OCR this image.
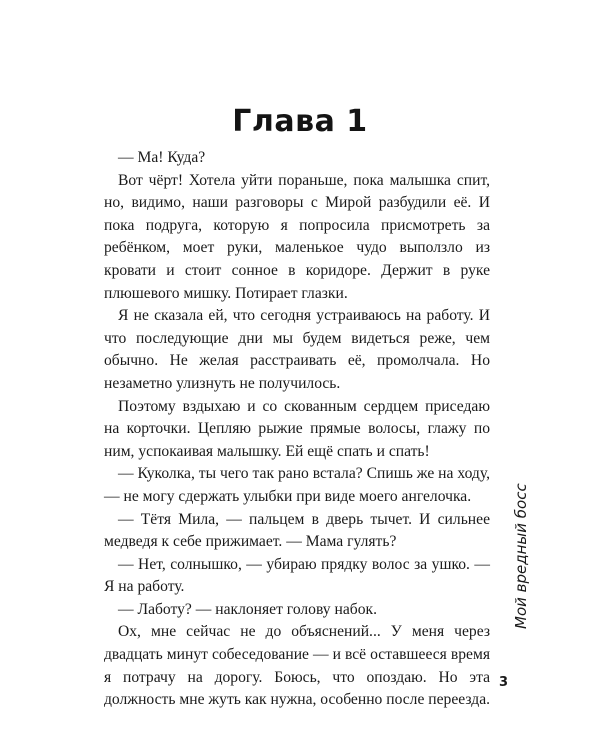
Глава 1

— Ма! Куда?

Вот чёрт! Хотела уйти пораньше, пока малышка спит, но, видимо, наши разговоры с Мирой разбудили её. И пока подруга, которую я попросила присмотреть за ребёнком, моет руки, маленькое чудо выползло из кровати и стоит сонное в коридоре. Держит в руке плюшевого мишку. Потирает глазки.

Я не сказала ей, что сегодня устраиваюсь на работу. И что последующие дни мы будем видеться реже, чем обычно. Не желая расстраивать её, промолчала. Но незаметно улизнуть не получилось.

Поэтому вздыхаю и со скованным сердцем приседаю на корточки. Цепляю рыжие прямые волосы, глажу по ним, успокаивая малышку. Ей ещё спать и спать!

— Куколка, ты чего так рано встала? Спишь же на ходу, — не могу сдержать улыбки при виде моего ангелочка.

— Тётя Мила, — пальцем в дверь тычет. И сильнее медведя к себе прижимает. — Мама гулять?

— Нет, солнышко, — убираю прядку волос за ушко. — Я на работу.

— Лаботу? — наклоняет голову набок.

Ох, мне сейчас не до объяснений... У меня через двадцать минут собеседование — и всё оставшееся время я потрачу на дорогу. Боюсь, что опоздаю. Но эта должность мне жуть как нужна, особенно после переезда.

Мой вредный босс
3
